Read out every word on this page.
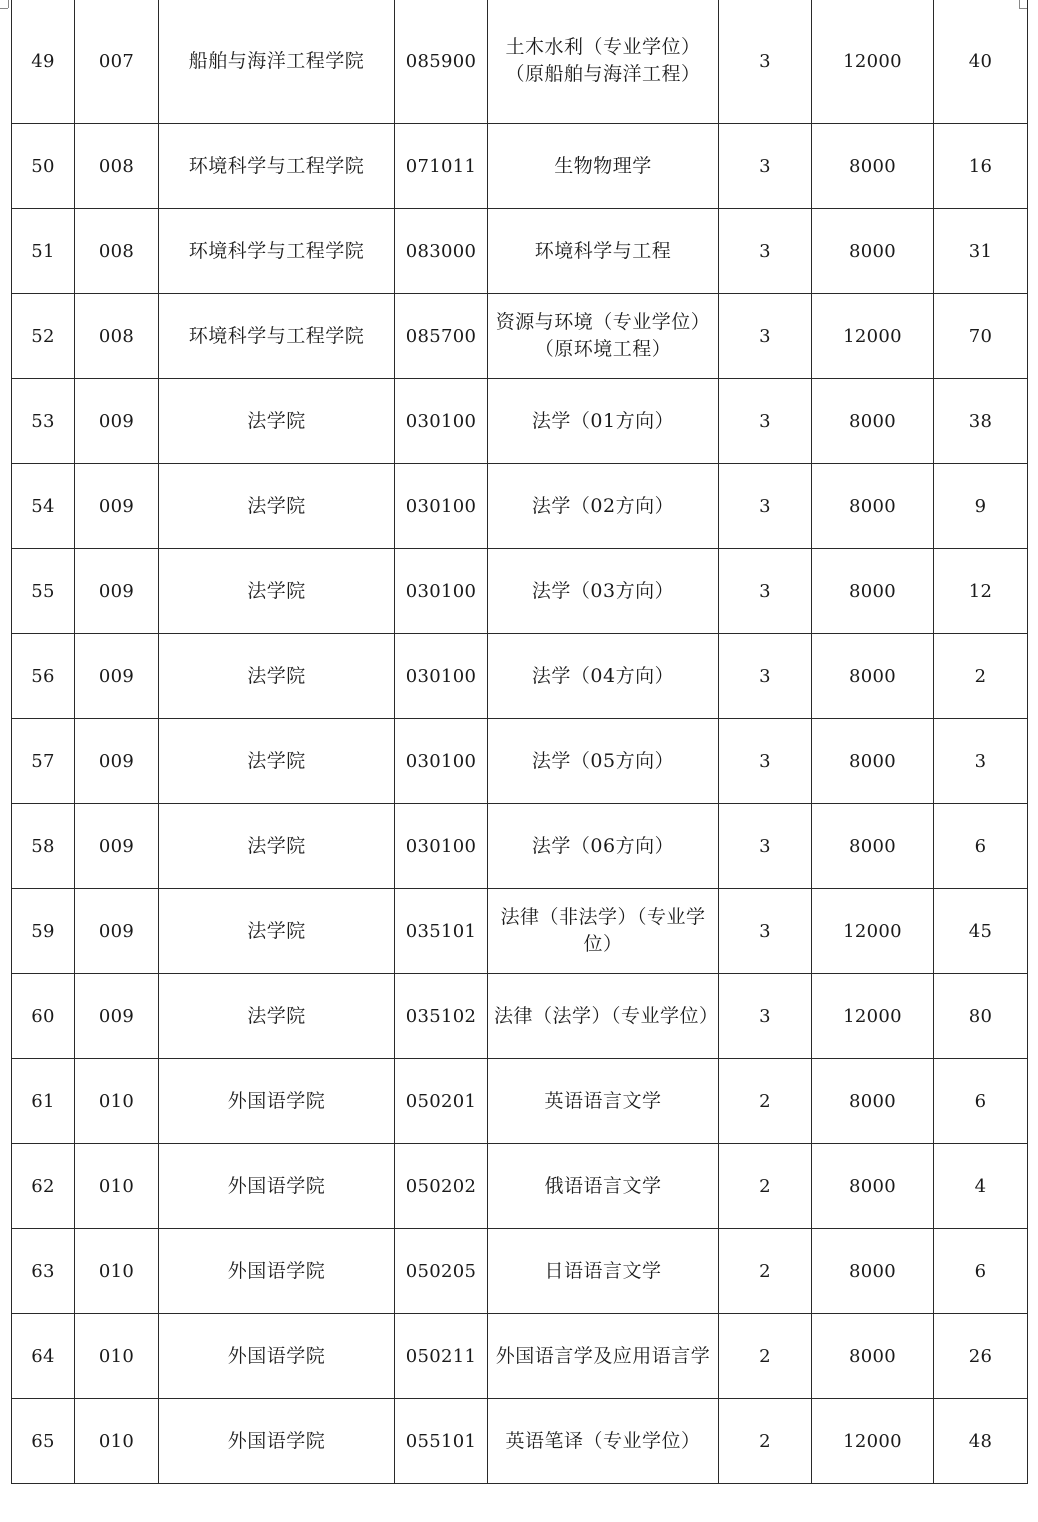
49	007	船舶与海洋工程学院	085900	土木水利（专业学位）（原船舶与海洋工程）	3	12000	40
50	008	环境科学与工程学院	071011	生物物理学	3	8000	16
51	008	环境科学与工程学院	083000	环境科学与工程	3	8000	31
52	008	环境科学与工程学院	085700	资源与环境（专业学位）（原环境工程）	3	12000	70
53	009	法学院	030100	法学（01方向）	3	8000	38
54	009	法学院	030100	法学（02方向）	3	8000	9
55	009	法学院	030100	法学（03方向）	3	8000	12
56	009	法学院	030100	法学（04方向）	3	8000	2
57	009	法学院	030100	法学（05方向）	3	8000	3
58	009	法学院	030100	法学（06方向）	3	8000	6
59	009	法学院	035101	法律（非法学）（专业学位）	3	12000	45
60	009	法学院	035102	法律（法学）（专业学位）	3	12000	80
61	010	外国语学院	050201	英语语言文学	2	8000	6
62	010	外国语学院	050202	俄语语言文学	2	8000	4
63	010	外国语学院	050205	日语语言文学	2	8000	6
64	010	外国语学院	050211	外国语言学及应用语言学	2	8000	26
65	010	外国语学院	055101	英语笔译（专业学位）	2	12000	48
